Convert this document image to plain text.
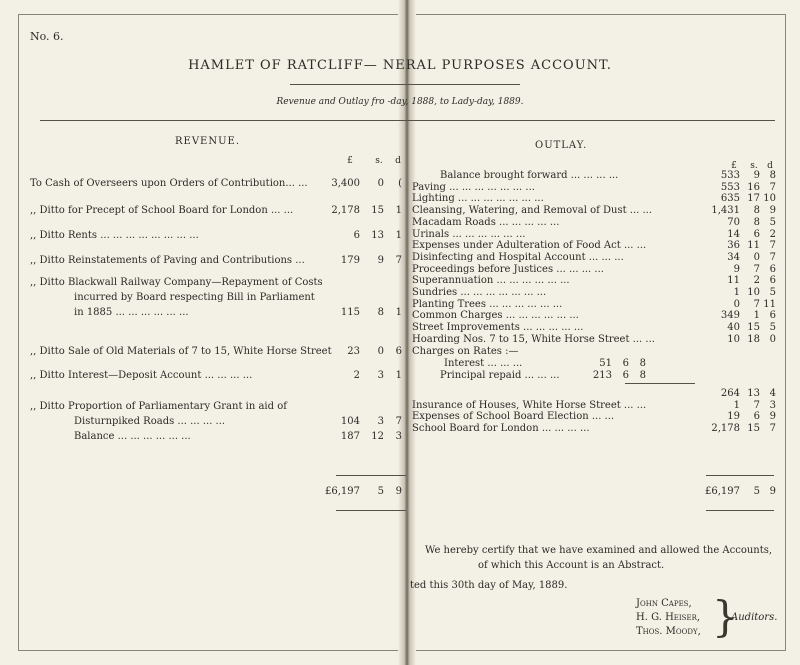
No. 6.
HAMLET OF RATCLIFF— NERAL PURPOSES ACCOUNT.
Revenue and Outlay fro -day, 1888, to Lady-day, 1889.
REVENUE.
£	s. d
To Cash of Overseers upon Orders of Contribution... ...	3,400	0	(
,, Ditto for Precept of School Board for London ... ...	2,178	15	1
,, Ditto Rents ... ... ... ... ... ... ... ...	6	13	1
,, Ditto Reinstatements of Paving and Contributions ...	179	9	7
,, Ditto Blackwall Railway Company—Repayment of Costs
incurred by Board respecting Bill in Parliament
in 1885 ... ... ... ... ... ...	115	8	1
,, Ditto Sale of Old Materials of 7 to 15, White Horse Street	23	0	6
,, Ditto Interest—Deposit Account ... ... ... ...	2	3	1
,, Ditto Proportion of Parliamentary Grant in aid of
Disturnpiked Roads ... ... ... ...	104	3	7
Balance ... ... ... ... ... ...	187	12	3
£6,197	5	9
OUTLAY.
£	s. d
Balance brought forward ... ... ... ...	533	9 8
Paving ... ... ... ... ... ... ...	553 16 7
Lighting ... ... ... ... ... ... ...	635 17 10
Cleansing, Watering, and Removal of Dust ... ...	1,431	8 9
Macadam Roads ... ... ... ... ...	70	8 5
Urinals ... ... ... ... ... ...	14	6 2
Expenses under Adulteration of Food Act ... ...	36 11 7
Disinfecting and Hospital Account ... ... ...	34	0 7
Proceedings before Justices ... ... ... ...	9	7 6
Superannuation ... ... ... ... ... ...	11	2 6
Sundries ... ... ... ... ... ... ...	1 10 5
Planting Trees ... ... ... ... ... ...	0	7 11
Common Charges ... ... ... ... ... ...	349	1 6
Street Improvements ... ... ... ... ...	40 15 5
Hoarding Nos. 7 to 15, White Horse Street ... ...	10 18 0
Charges on Rates :—
Interest ... ... ...	51	6	8
Principal repaid ... ... ...	213	6	8
264 13 4
Insurance of Houses, White Horse Street ... ...	1	7 3
Expenses of School Board Election ... ...	19	6 9
School Board for London ... ... ... ...	2,178 15 7
£6,197	5 9
We hereby certify that we have examined and allowed the Accounts,
of which this Account is an Abstract.
ted this 30th day of May, 1889.
John Capes,
H. G. Heiser,
Thos. Moody, }
Auditors.
